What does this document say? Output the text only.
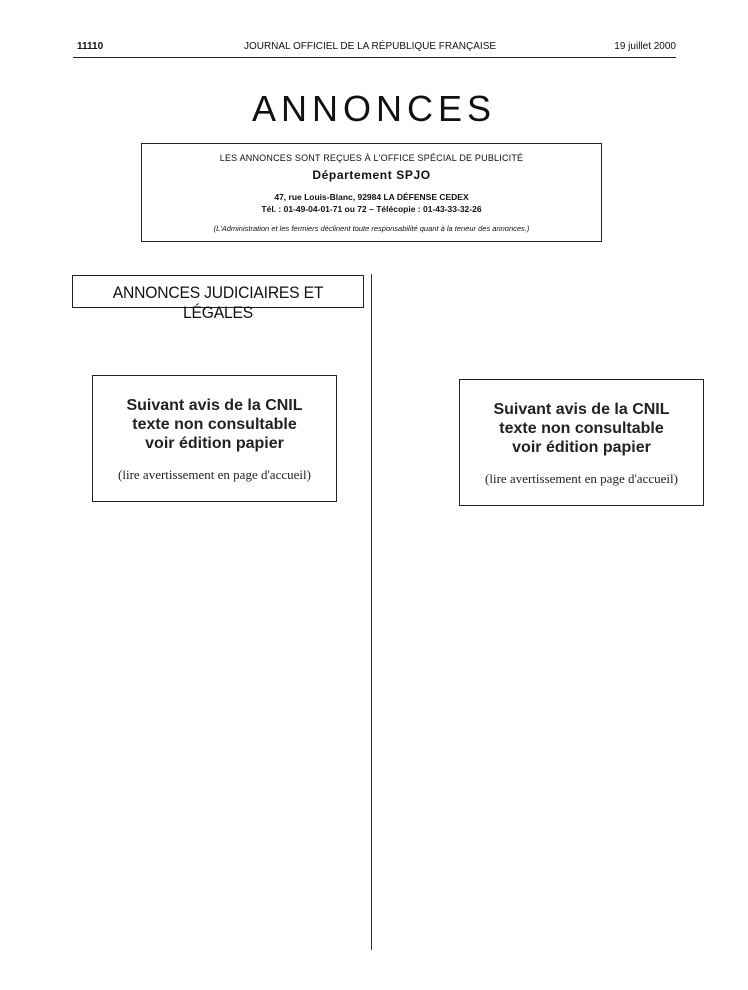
11110	JOURNAL OFFICIEL DE LA RÉPUBLIQUE FRANÇAISE	19 juillet 2000
ANNONCES
LES ANNONCES SONT REÇUES À L'OFFICE SPÉCIAL DE PUBLICITÉ
Département SPJO
47, rue Louis-Blanc, 92984 LA DÉFENSE CEDEX
Tél. : 01-49-04-01-71 ou 72 – Télécopie : 01-43-33-32-26
(L'Administration et les fermiers déclinent toute responsabilité quant à la teneur des annonces.)
ANNONCES JUDICIAIRES ET LÉGALES
Suivant avis de la CNIL
texte non consultable
voir édition papier
(lire avertissement en page d'accueil)
Suivant avis de la CNIL
texte non consultable
voir édition papier
(lire avertissement en page d'accueil)
